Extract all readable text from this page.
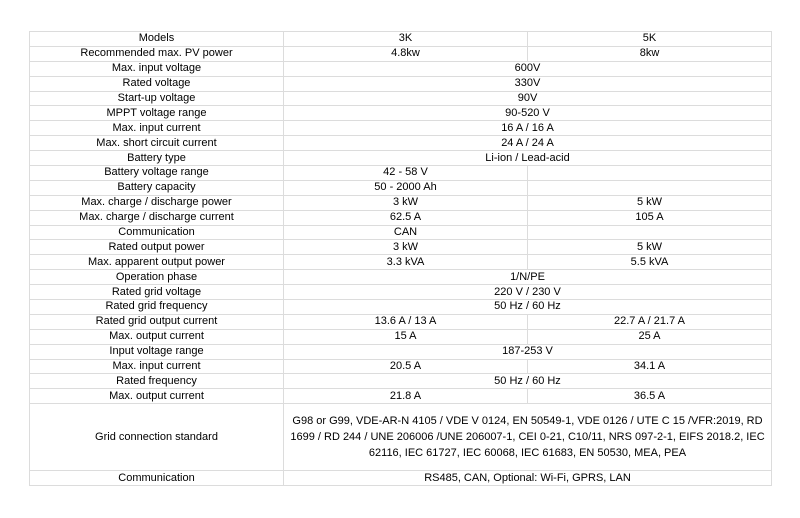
Models	3K	5K
Recommended max. PV power	4.8kw	8kw
Max. input voltage	600V	
Rated voltage	330V	
Start-up voltage	90V	
MPPT voltage range	90-520 V	
Max. input current	16 A / 16 A	
Max. short circuit current	24 A / 24 A	
Battery type	Li-ion / Lead-acid	
Battery voltage range	42 - 58 V	
Battery capacity	50 - 2000 Ah	
Max. charge / discharge power	3 kW	5 kW
Max. charge / discharge current	62.5 A	105 A
Communication	CAN	
Rated output power	3 kW	5 kW
Max. apparent output power	3.3 kVA	5.5 kVA
Operation phase	1/N/PE	
Rated grid voltage	220 V / 230 V	
Rated grid frequency	50 Hz / 60 Hz	
Rated grid output current	13.6 A / 13 A	22.7 A / 21.7 A
Max. output current	15 A	25 A
Input voltage range	187-253 V	
Max. input current	20.5 A	34.1 A
Rated frequency	50 Hz / 60 Hz	
Max. output current	21.8 A	36.5 A
Grid connection standard	G98 or G99, VDE-AR-N 4105 / VDE V 0124, EN 50549-1, VDE 0126 / UTE C 15 /VFR:2019, RD 1699 / RD 244 / UNE 206006 /UNE 206007-1, CEI 0-21, C10/11, NRS 097-2-1, EIFS 2018.2, IEC 62116, IEC 61727, IEC 60068, IEC 61683, EN 50530, MEA, PEA	
Communication	RS485, CAN, Optional: Wi-Fi, GPRS, LAN	
